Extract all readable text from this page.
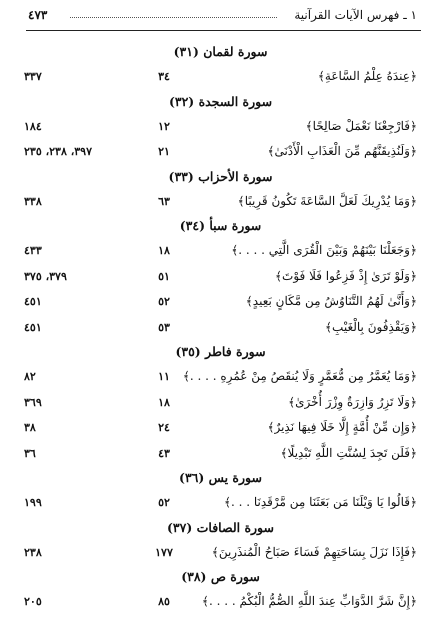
١ ـ فهرس الآيات القرآنية
٤٧٣
سورة لقمان (٣١)
﴿عِندَهُ عِلْمُ السَّاعَةِ﴾
٣٤
٣٣٧
سورة السجدة (٣٢)
﴿فَارْجِعْنَا نَعْمَلْ صَالِحًا﴾
١٢
١٨٤
﴿وَلَنُذِيقَنَّهُم مِّنَ الْعَذَابِ الْأَدْنَىٰ﴾
٢١
٣٩٧، ٢٣٨، ٢٣٥
سورة الأحزاب (٣٣)
﴿وَمَا يُدْرِيكَ لَعَلَّ السَّاعَةَ تَكُونُ قَرِيبًا﴾
٦٣
٣٣٨
سورة سبأ (٣٤)
﴿وَجَعَلْنَا بَيْنَهُمْ وَبَيْنَ الْقُرَى الَّتِي . . . .﴾
١٨
٤٣٣
﴿وَلَوْ تَرَىٰ إِذْ فَزِعُوا فَلَا فَوْتَ﴾
٥١
٣٧٩، ٣٧٥
﴿وَأَنَّىٰ لَهُمُ التَّنَاوُشُ مِن مَّكَانٍ بَعِيدٍ﴾
٥٢
٤٥١
﴿وَيَقْذِفُونَ بِالْغَيْبِ﴾
٥٣
٤٥١
سورة فاطر (٣٥)
﴿وَمَا يُعَمَّرُ مِن مُّعَمَّرٍ وَلَا يُنقَصُ مِنْ عُمُرِهِ . . . .﴾
١١
٨٢
﴿وَلَا تَزِرُ وَازِرَةٌ وِزْرَ أُخْرَىٰ﴾
١٨
٣٦٩
﴿وَإِن مِّنْ أُمَّةٍ إِلَّا خَلَا فِيهَا نَذِيرٌ﴾
٢٤
٣٨
﴿فَلَن تَجِدَ لِسُنَّتِ اللَّهِ تَبْدِيلًا﴾
٤٣
٣٦
سورة يس (٣٦)
﴿قَالُوا يَا وَيْلَنَا مَن بَعَثَنَا مِن مَّرْقَدِنَا . . .﴾
٥٢
١٩٩
سورة الصافات (٣٧)
﴿فَإِذَا نَزَلَ بِسَاحَتِهِمْ فَسَاءَ صَبَاحُ الْمُنذَرِينَ﴾
١٧٧
٢٣٨
سورة ص (٣٨)
﴿إِنَّ شَرَّ الدَّوَابِّ عِندَ اللَّهِ الصُّمُّ الْبُكْمُ . . . .﴾
٨٥
٢٠٥
